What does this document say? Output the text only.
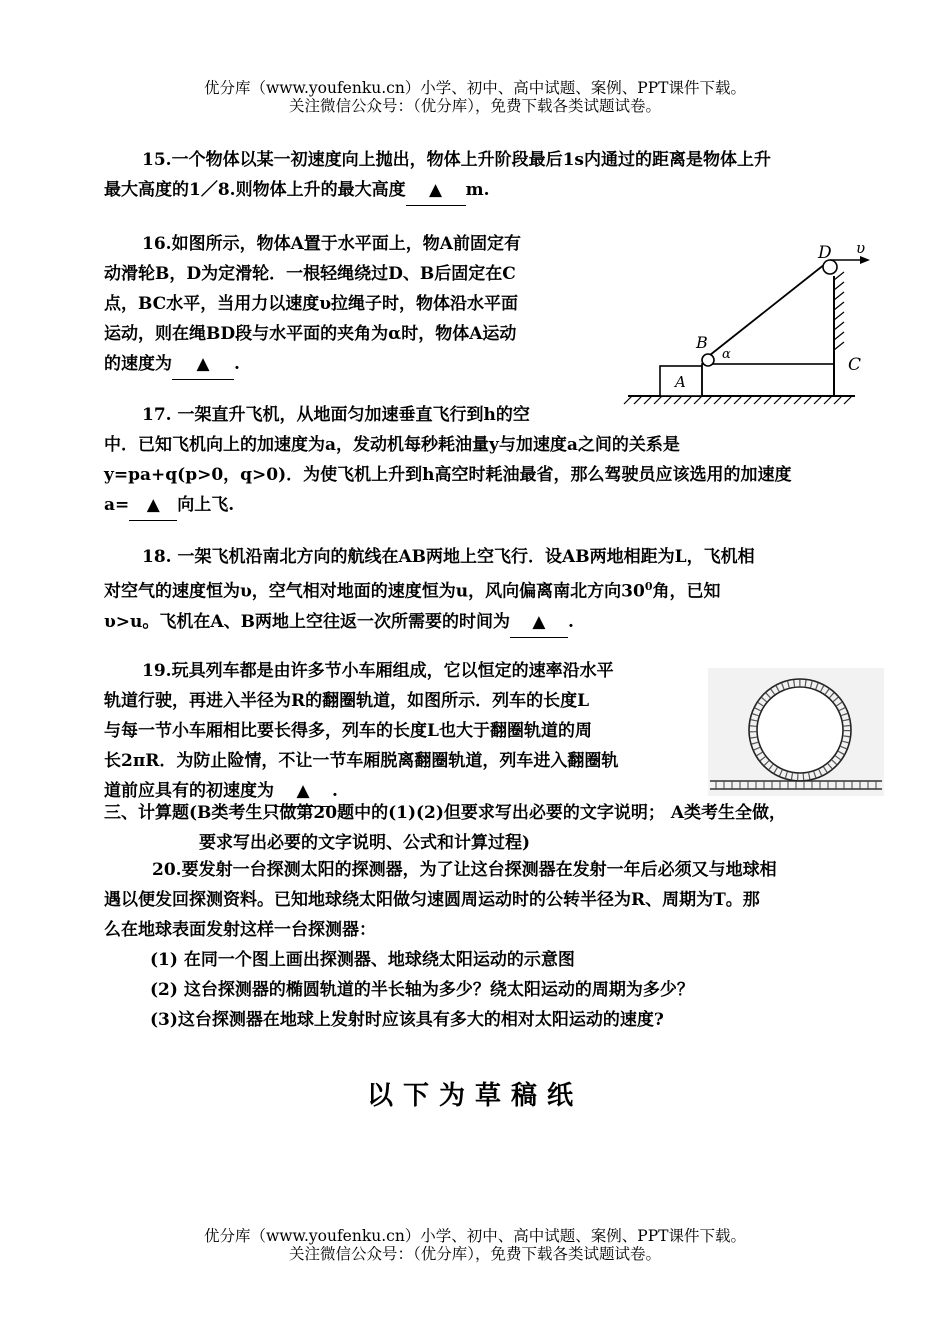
优分库（www.youfenku.cn）小学、初中、高中试题、案例、PPT课件下载。
关注微信公众号：（优分库），免费下载各类试题试卷。

15.一个物体以某一初速度向上抛出，物体上升阶段最后1s内通过的距离是物体上升

最大高度的1／8.则物体上升的最大高度 ▲ m.

16.如图所示，物体A置于水平面上，物A前固定有

动滑轮B，D为定滑轮．一根轻绳绕过D、B后固定在C

点，BC水平，当用力以速度υ拉绳子时，物体沿水平面

运动，则在绳BD段与水平面的夹角为α时，物体A运动

的速度为 ▲ .

D υ
B
α
C
A

17. 一架直升飞机，从地面匀加速垂直飞行到h的空

中．已知飞机向上的加速度为a，发动机每秒耗油量y与加速度a之间的关系是

y=pa+q(p>0，q>0)．为使飞机上升到h高空时耗油最省，那么驾驶员应该选用的加速度

a= ▲ 向上飞.

18. 一架飞机沿南北方向的航线在AB两地上空飞行．设AB两地相距为L，飞机相

对空气的速度恒为υ，空气相对地面的速度恒为u，风向偏离南北方向$30^0$角，已知

υ>u。飞机在A、B两地上空往返一次所需要的时间为 ▲ .

19.玩具列车都是由许多节小车厢组成，它以恒定的速率沿水平

轨道行驶，再进入半径为R的翻圈轨道，如图所示．列车的长度L

与每一节小车厢相比要长得多，列车的长度L也大于翻圈轨道的周

长2πR．为防止险情，不让一节车厢脱离翻圈轨道，列车进入翻圈轨

道前应具有的初速度为 ▲ .

三、计算题(B类考生只做第20题中的(1)(2)但要求写出必要的文字说明； A类考生全做，

要求写出必要的文字说明、公式和计算过程)

20.要发射一台探测太阳的探测器，为了让这台探测器在发射一年后必须又与地球相

遇以便发回探测资料。已知地球绕太阳做匀速圆周运动时的公转半径为R、周期为T。那

么在地球表面发射这样一台探测器：

(1) 在同一个图上画出探测器、地球绕太阳运动的示意图

(2) 这台探测器的椭圆轨道的半长轴为多少？绕太阳运动的周期为多少？

(3)这台探测器在地球上发射时应该具有多大的相对太阳运动的速度?

以下为草稿纸
优分库（www.youfenku.cn）小学、初中、高中试题、案例、PPT课件下载。
关注微信公众号：（优分库），免费下载各类试题试卷。
